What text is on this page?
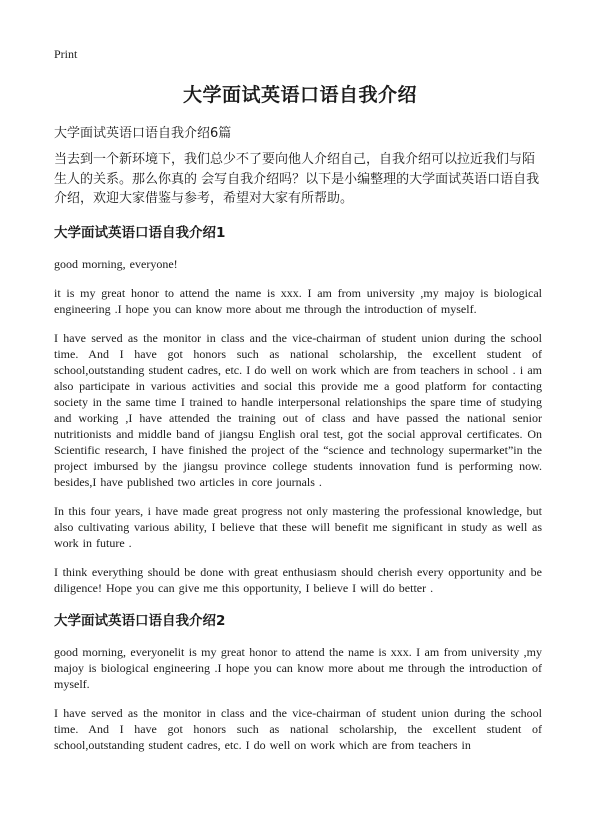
Print
大学面试英语口语自我介绍
大学面试英语口语自我介绍6篇
当去到一个新环境下，我们总少不了要向他人介绍自己，自我介绍可以拉近我们与陌生人的关系。那么你真的 会写自我介绍吗？以下是小编整理的大学面试英语口语自我介绍，欢迎大家借鉴与参考，希望对大家有所帮助。
大学面试英语口语自我介绍1

good morning, everyone!

it is my great honor to attend the name is xxx. I am from university ,my majoy is biological engineering .I hope you can know more about me through the introduction of myself.

I have served as the monitor in class and the vice-chairman of student union during the school time. And I have got honors such as national scholarship, the excellent student of school,outstanding student cadres, etc. I do well on work which are from teachers in school . i am also participate in various activities and social this provide me a good platform for contacting society in the same time I trained to handle interpersonal relationships the spare time of studying and working ,I have attended the training out of class and have passed the national senior nutritionists and middle band of jiangsu English oral test, got the social approval certificates. On Scientific research, I have finished the project of the “science and technology supermarket”in the project imbursed by the jiangsu province college students innovation fund is performing now. besides,I have published two articles in core journals .

In this four years, i have made great progress not only mastering the professional knowledge, but also cultivating various ability, I believe that these will benefit me significant in study as well as work in future .

I think everything should be done with great enthusiasm should cherish every opportunity and be diligence! Hope you can give me this opportunity, I believe I will do better .

大学面试英语口语自我介绍2

good morning, everyonelit is my great honor to attend the name is xxx. I am from university ,my majoy is biological engineering .I hope you can know more about me through the introduction of myself.

I have served as the monitor in class and the vice-chairman of student union during the school time. And I have got honors such as national scholarship, the excellent student of school,outstanding student cadres, etc. I do well on work which are from teachers in
